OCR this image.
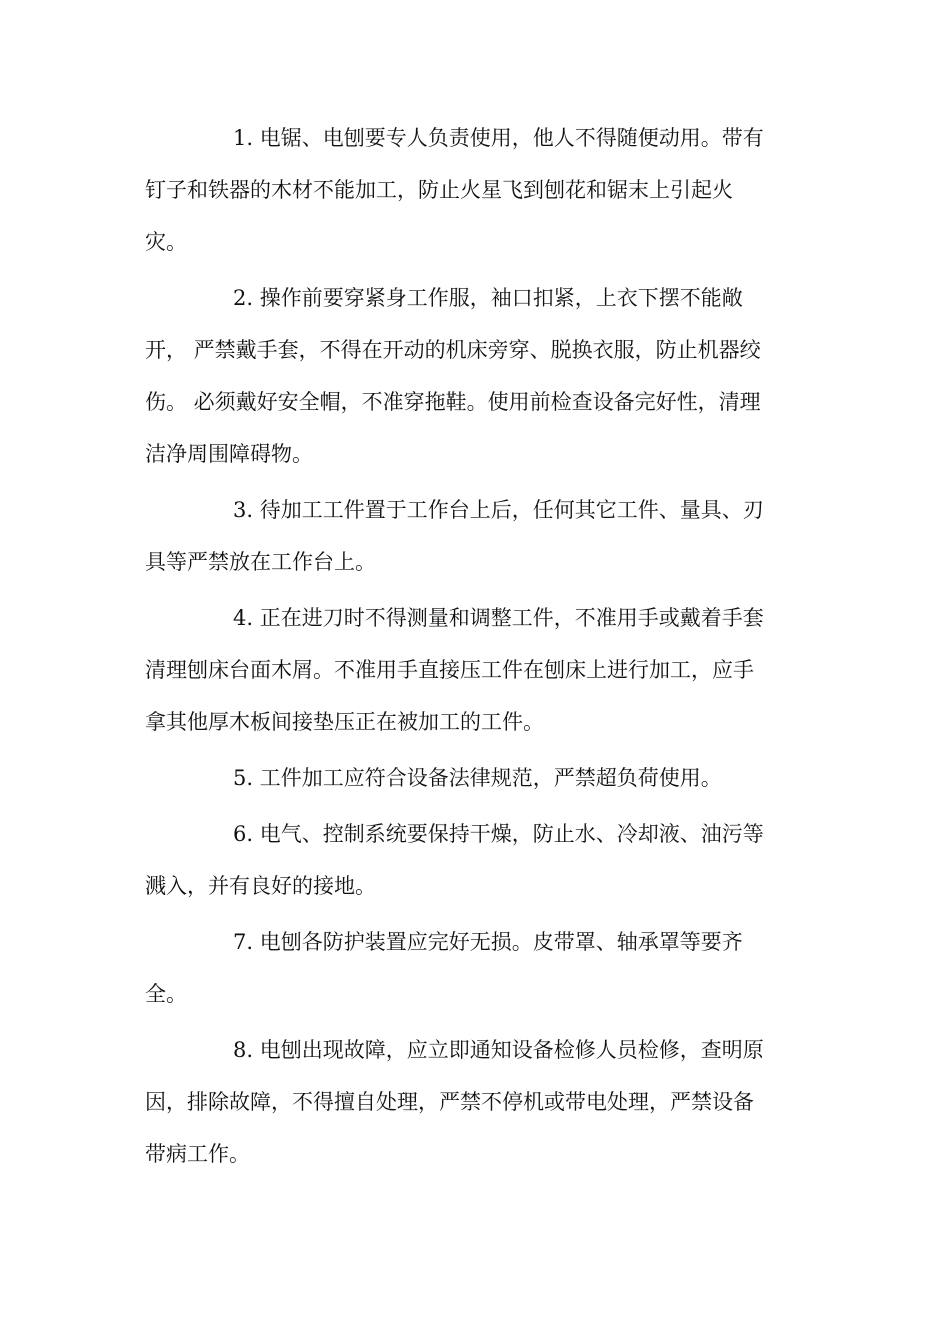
1. 电锯、电刨要专人负责使用，他人不得随便动用。带有
钉子和铁器的木材不能加工，防止火星飞到刨花和锯末上引起火
灾。
2. 操作前要穿紧身工作服，袖口扣紧，上衣下摆不能敞
开， 严禁戴手套，不得在开动的机床旁穿、脱换衣服，防止机器绞
伤。 必须戴好安全帽，不准穿拖鞋。使用前检查设备完好性，清理
洁净周围障碍物。
3. 待加工工件置于工作台上后，任何其它工件、量具、刃
具等严禁放在工作台上。
4. 正在进刀时不得测量和调整工件，不准用手或戴着手套
清理刨床台面木屑。不准用手直接压工件在刨床上进行加工，应手
拿其他厚木板间接垫压正在被加工的工件。
5. 工件加工应符合设备法律规范，严禁超负荷使用。
6. 电气、控制系统要保持干燥，防止水、冷却液、油污等
溅入，并有良好的接地。
7. 电刨各防护装置应完好无损。皮带罩、轴承罩等要齐
全。
8. 电刨出现故障，应立即通知设备检修人员检修，查明原
因，排除故障，不得擅自处理，严禁不停机或带电处理，严禁设备
带病工作。
